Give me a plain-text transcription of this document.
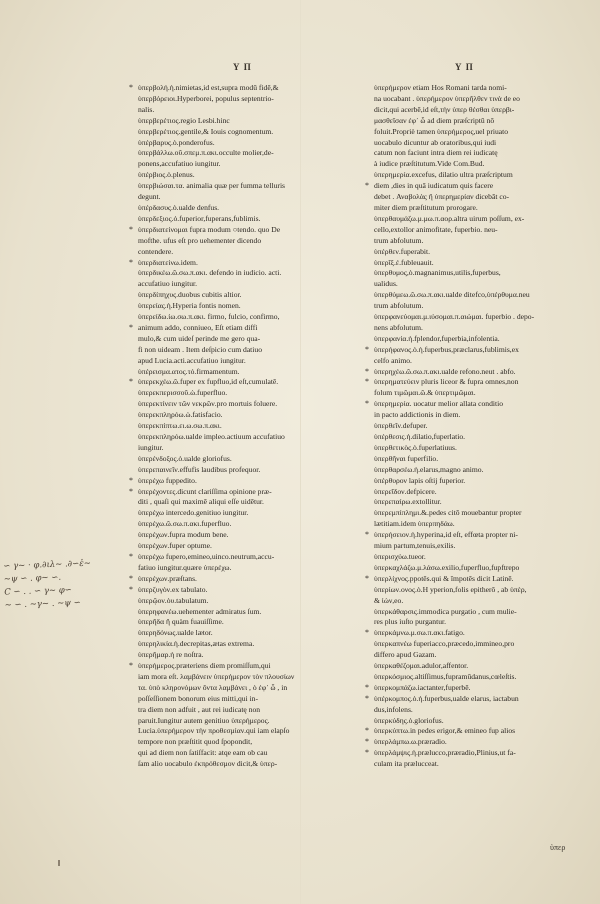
Υ Π	Υ Π
* ὑπερβολή.ἡ.nimietas,id est,supra modū fidē,&
ὑπερβόρειοι.Hyperborei, populus septentrio-
nalis.
ὑπερβερέτιος.regio Lesbi.hinc
ὑπερβερέτιος.gentile,& Iouis cognomentum.
ὑπέρβαρυς.ὁ.ponderofus.
ὑπερβάλλω.οῦ.σπεμ.π.ακι.occulte molier,de-
ponens,accufatiuo iungitur.
ὑπέρβιος.ὁ.plenus.
ὑπερβιώσαι.τα. animalia quæ per fumma telluris
degunt.
ὑπέρδασυς.ὁ.ualde denfus.
ὑπερδεξιος.ὁ.fuperior,fuperans,fublimis.
* ὑπερδιατείνομαι fupra modum ○tendo. quo De
mofthe. ufus eſt pro uehementer dicendo
contendere.
* ὑπερδιατείνω.idem.
ὑπερδικέω.ῶ.σω.π.ακι. defendo in iudicio. acti.
accufatiuo iungitur.
ὑπερδίπηχυς.duobus cubitis altior.
ὑπερείας.ἡ.Hyperia fontis nomen.
ὑπερείδω.ἰω.σω.π.ακι. firmo, fulcio, confirmo,
* animum addo, conniueo, Eſt etiam diffi
mulo,& cum uideſ perinde me gero qua-
fi non uideam . Item deſpicio cum datiuo
apud Lucia.acti.accufatiuo iungitur.
ὑπέρεισμα.ατος.τό.firmamentum.
* ὑπερεκχέω.ῶ.fuper ex fupfluo,id eſt,cumulatē.
ὑπερεκπερισσοῦ.ὡ.fuperfluo.
ὑπερεκτίνειν τῶν νεκρῶν.pro mortuis foluere.
ὑπερεκπληρόω.ὡ.fatisfacio.
ὑπερεκπίπτω.ει.ω.σω.π.ακι.
ὑπερεκπληρόω.ualde impleo.actiuum accufatiuo
iungitur.
ὑπερένδοξος.ὁ.ualde gloriofus.
ὑπερεπαινεῖν.effufis laudibus profequor.
* ὑπερέχω fuppedito.
* ὑπερέχοντες.dicunt clariſſima opinione præ-
diti , quaſi qui maximē aliqui eſſe uidētur.
ὑπερέχω intercedo.genitiuo iungitur.
ὑπερέχω.ῶ.σω.π.ακι.fuperfluo.
ὑπερέχων.fupra modum bene.
ὑπερέχων.fuper optume.
* ὑπερέχω fupero,emineo,uinco.neutrum,accu-
fatiuo iungitur.quære ὑπερέχω.
* ὑπερέχων.præſtans.
* ὑπερζυγὸν.ex tabulato.
ὑπερῷον.ὁυ.tabulatum.
ὑπερηφανέω.uehementer admiratus ſum.
ὑπερῆδα ἢ quàm fuauiſſime.
ὑπερηδόνως.ualde lætor.
ὑπερηλικία.ἡ.decrepitas,ætas extrema.
ὑπερῆμαρ.ἡ re noſtra.
* ὑπερήμερος.præteriens diem promiſſum,qui
iam mora eſt. λαμβάνειν ὑπερήμερον τὸν πλουσίων
τα. ὑπὸ κληρονόμων ὄντα λαμβάνει , ὁ ἐφ᾽ ὧ , in
poſſeſſionem bonorum eius mitti,qui in-
tra diem non adfuit , aut rei iudicatę non
paruit.Iungitur autem genitiuo ὑπερήμερος.
Lucia.ὑπερήμερον τὴν προθεσμίαν.qui iam elapſo
tempore non præſtitit quod ſpopondit,
qui ad diem non ſatiſfacit: atqe eam ob cau
ſam alio uocabulo ἐκπρόθεσμον dicit,& ὑπερ-
ὑπερήμερον etiam Hos Romani tarda nomi-
na uocabant . ὑπερήμερον ὑπερῆλθεν τινὰ de eo
dicit,qui acerbē,id eſt,τὴν ὑπερ θέσθαι ὑπερβι-
μασθεῖσαν ἐφ᾽ ὧ ad diem præſcriptū nō
foluit.Propriè tamen ὑπερήμερος,uel priuato
uocabulo dicuntur ab oratoribus,qui iudi
catum non faciunt intra diem rei iudicatę
à iudice præſtitutum.Vide Com.Bud.
ὑπερημερία.excefus, dilatio ultra præſcriptum
* diem ,dies in quā iudicatum quis facere
debet . Αναβολὰς ἢ ὑπερημερίαν dicebāt co-
miter diem præſtitutum prorogare.
ὑπερθαυμάζω.μ.μω.π.αορ.altra uirum poſſum, ex-
cello,extollor animofitate, fuperbio. neu-
trum abfolutum.
ὑπέρθεν.fuperabit.
ὑπερῖξ.ἐ.fubleuauit.
ὑπερθυμος,ὁ.magnanimus,utilis,fuperbus,
ualidus.
ὑπερθύμεω.ῶ.σω.π.ακι.ualde ditefco,ὑπέρθυμα.neu
trum abfolutum.
ὑπερφανεύομαι.μ.ιύσομαι.π.αιώμαι. fuperbio . depo-
nens abfolutum.
ὑπερφανία.ἡ.fplendor,fuperbia,infolentia.
* ὑπερήφανος.ὁ.ἡ.fuperbus,præclarus,fublimis,ex
celfo animo.
* ὑπερηχέω.ῶ.σω.π.ακι.ualde refono.neut . abfo.
* ὑπερηματεύειν pluris liceor & fupra omnes,non
folum τιμῶμαι.ῶ.& ὑπερτιμῶμαι.
* ὑπερημερία. uocatur melior allata conditio
in pacto addictionis in diem.
ὑπερθεῖν.defuper.
ὑπέρθεσις.ἡ.dilatio,fuperlatio.
ὑπερθετικὸς.ὁ.fuperlatiuus.
ὑπερθῆναι fuperfilio.
ὑπερθαρσέω.ἡ.elarus,magno animo.
ὑπέρθυρον lapis oſtij fuperior.
ὑπερεῖδον.defpicere.
ὑπερεπαίρω.extollitur.
ὑπερεμπίπλημι.&.pedes citō mouebantur propter
lætitiam.idem ὑπερπηδάω.
* ὑπερήσειον.ἡ.hyperina,id eſt, effœta propter ni-
mium partum,tenuis,exilis.
ὑπερισχύω.tueor.
ὑπερκαχλάζω.μ.λάσω.exilio,fuperfluo,fupftrepo
* ὑπερλίχνος.ppotēs.qui & ĩmpotēs dicit Latinē.
ὑπερίων.ονος.ὁ.H yperion,folis epitherō , ab ὑπὲρ,
& ἰὼν,eo.
ὑπερκάθαρσις.immodica purgatio , cum mulie-
res plus iuſto purgantur.
* ὑπερκάμνω.μ.σω.π.ακι.fatigo.
ὑπερκαπνέω fuperiacco,præcedo,immineo,pro
differo apud Gazam.
ὑπερκαθέζομαι.adulor,affentor.
ὑπερκόσμιος.altiſſimus,fupramūdanus,cœleſtis.
* ὑπερκομπάζω.iactanter,fuperbē.
* ὑπέρκομπος.ὁ.ἡ.fuperbus,ualde elarus, iactabun
dus,infolens.
ὑπερκύδης.ὁ.gloriofus.
* ὑπερκύπτω.in pedes erigor,& emineo fup alios
* ὑπερλάμπω.ω.præradio.
* ὑπερλάμψις.ἡ.prælucco,præradio,Plinius,ut fa-
culam ita prælucceat.
∽ γ~ · φ.∂ιλ~ .∂∽ἐ~
~ψ ∽ . φ~ ∽.
Ϲ ∽ . . ∽ γ~ φ∽
~ ∽ . ~γ~ . ~ψ ∽
ὑπερ
